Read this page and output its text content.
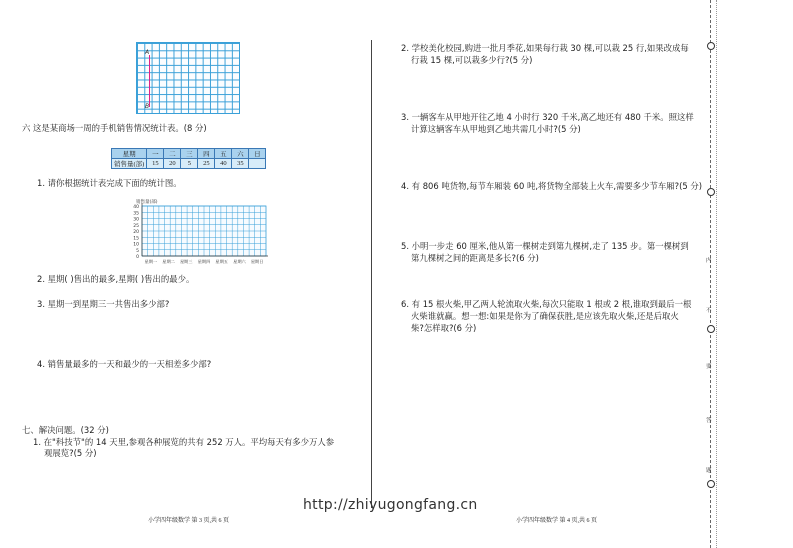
A
B
六 这是某商场一周的手机销售情况统计表。(8 分)
星期	一	二	三	四	五	六	日
销售量(部)	15	20	5	25	40	35	
1. 请你根据统计表完成下面的统计图。
40
35
30
25
20
15
10
5
0
销售量(部)
星期一 星期二 星期三 星期四 星期五 星期六 星期日
2. 星期( )售出的最多,星期( )售出的最少。
3. 星期一到星期三一共售出多少部?
4. 销售量最多的一天和最少的一天相差多少部?
七、解决问题。(32 分)
1. 在"科技节"的 14 天里,参观各种展览的共有 252 万人。平均每天有多少万人参
观展览?(5 分)
小学四年级数学 第 3 页,共 6 页
2. 学校美化校园,购进一批月季花,如果每行栽 30 棵,可以栽 25 行,如果改成每
行栽 15 棵,可以栽多少行?(5 分)
3. 一辆客车从甲地开往乙地 4 小时行 320 千米,离乙地还有 480 千米。照这样
计算这辆客车从甲地到乙地共需几小时?(5 分)
4. 有 806 吨货物,每节车厢装 60 吨,将货物全部装上火车,需要多少节车厢?(5 分)
5. 小明一步走 60 厘米,他从第一棵树走到第九棵树,走了 135 步。第一棵树到
第九棵树之间的距离是多长?(6 分)
6. 有 15 根火柴,甲乙两人轮流取火柴,每次只能取 1 根或 2 根,谁取到最后一根
火柴谁就赢。想一想:如果是你为了确保获胜,是应该先取火柴,还是后取火
柴?怎样取?(6 分)
小学四年级数学 第 4 页,共 6 页
http://zhiyugongfang.cn
内
不
要
答
题
